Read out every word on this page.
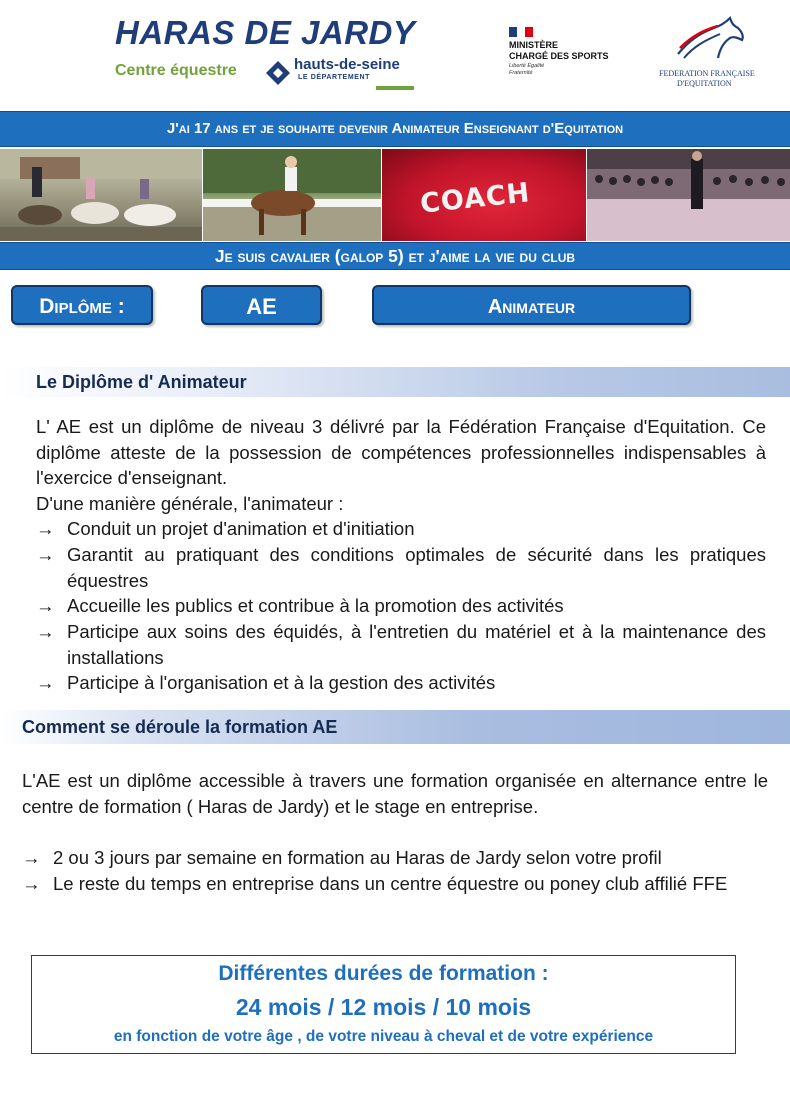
HARAS DE JARDY
Centre équestre	hauts-de-seine
LE DÉPARTEMENT
MINISTÈRE
CHARGÉ DES SPORTS
Liberté Égalité Fraternité	FEDERATION FRANÇAISE
D'EQUITATION
J'ai 17 ans et je souhaite devenir Animateur Enseignant d'Equitation
COACH
Je suis cavalier (galop 5) et j'aime la vie du club
Diplôme :	AE	Animateur
Le Diplôme d' Animateur
L' AE est un diplôme de niveau 3 délivré par la Fédération Française d'Equitation. Ce diplôme atteste de la possession de compétences professionnelles indispensables à l'exercice d'enseignant.
D'une manière générale, l'animateur :
→ Conduit un projet d'animation et d'initiation
→ Garantit au pratiquant des conditions optimales de sécurité dans les pratiques équestres
→ Accueille les publics et contribue à la promotion des activités
→ Participe aux soins des équidés, à l'entretien du matériel et à la maintenance des installations
→ Participe à l'organisation et à la gestion des activités
Comment se déroule la formation AE
L'AE est un diplôme accessible à travers une formation organisée en alternance entre le centre de formation ( Haras de Jardy) et le stage en entreprise.
→ 2 ou 3 jours par semaine en formation au Haras de Jardy selon votre profil
→ Le reste du temps en entreprise dans un centre équestre ou poney club affilié FFE
Différentes durées de formation :
24 mois / 12 mois / 10 mois
en fonction de votre âge , de votre niveau à cheval et de votre expérience
